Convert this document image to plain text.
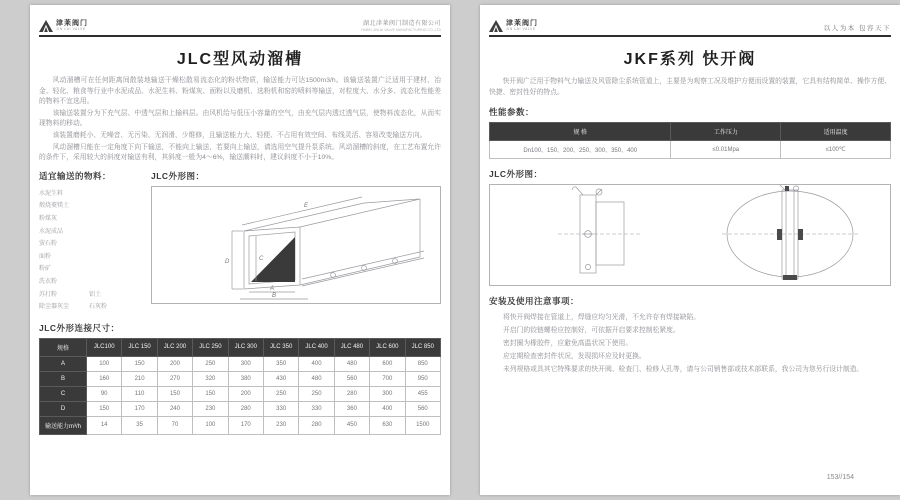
津莱阀门
JIN LAI VALVE
湖北津莱阀门制造有限公司
HUBEI JINLAI VALVE MANUFACTURING CO.,LTD
JLC型风动溜槽

风动溜槽可在任何距离间散装地输送干燥松散易流态化的粉状物质，输送能力可达1500m3/h。该输送装置广泛适用于建材、冶金、轻化、粮食等行业中水泥成品、水泥生料、粉煤灰、面粉以及磨机、选粉机和窑的喷料等输送，对粒度大、水分多、流态化性能差的物料不宜选用。

该输送装置分为下充气层、中透气层和上输料层。由风机给与低压小容量的空气，由充气层内透过透气层，使物料流态化，从而实现物料的移动。

该装置磨耗小、无噪音、无污染、无润滑、少维修，且输送能力大、轻便、不占用有效空间、布线灵活、容易改变输送方向。

风动溜槽只能在一定角度下向下输送，不能向上输送，若要向上输送，请选用空气提升泵系统。风动溜槽的斜度，在工艺布置允许的条件下，采用较大的斜度对输送有利，其斜度一般为4～6%，输送潮料时，建议斜度不小于10%。

适宜输送的物料：
水泥生料
煅烧菱镁土
粉煤灰
水泥成品
萤石粉
面粉
粉矿
洗衣粉
苏打粉	铝土
除尘器灰尘	石灰粉
JLC外形图：
E
D	C
A
B
JLC外形连接尺寸：
规格	JLC100	JLC 150	JLC 200	JLC 250	JLC 300	JLC 350	JLC 400	JLC 480	JLC 600	JLC 850
A	100	150	200	250	300	350	400	480	600	850
B	160	210	270	320	380	430	480	560	700	950
C	90	110	150	150	200	250	250	280	300	455
D	150	170	240	230	280	330	330	360	400	560
输送能力m³/h	14	35	70	100	170	230	280	450	630	1500
津莱阀门
JIN LAI VALVE	以人为本 包容天下
JKF系列 快开阀

快开阀广泛用于物料气力输送及风管除尘系统管道上，主要是为观察工况及维护方便而设置的装置，它具有结构简单、操作方便、快捷、密封性好的特点。

性能参数：
规 格	工作压力	适用温度
Dn100、150、200、250、300、350、400	≤0.01Mpa	≤100℃
JLC外形图：
安装及使用注意事项：
将快开阀焊接在管道上，焊缝应均匀光滑，不允许存有焊接缺陷。
开启门的铰链螺栓应控制好，可依据开启要求控制松紧度。
密封圈为橡胶件，应避免高温状况下使用。
应定期检查密封件状况，发现损坏应及时更换。
未列规格或具其它特殊要求的快开阀、检查门、检修人孔等，请与公司销售部或技术部联系，我公司为您另行设计制造。
153//154
